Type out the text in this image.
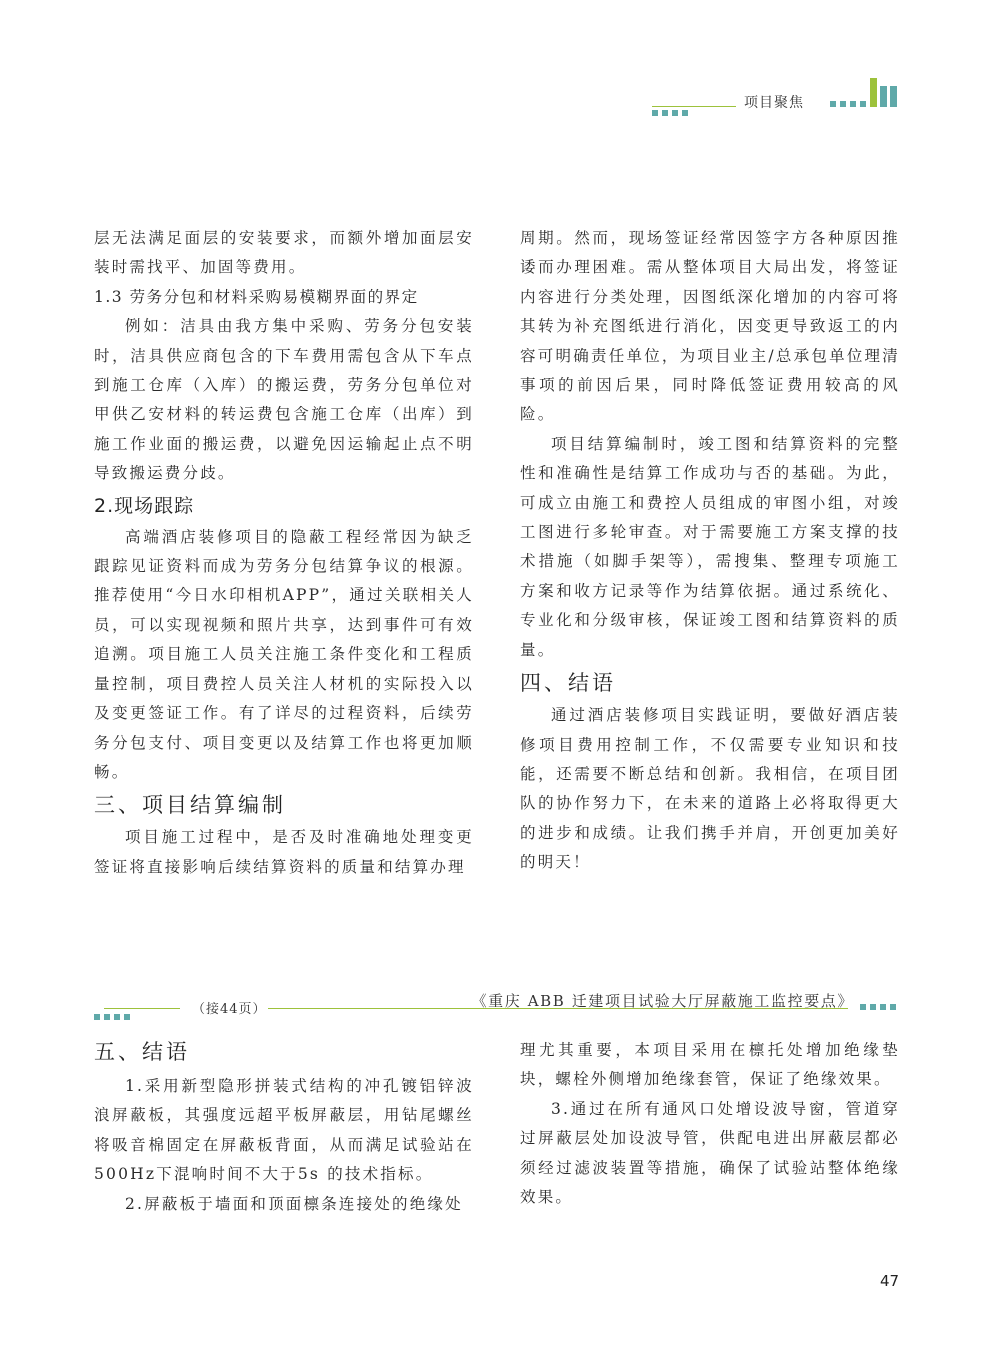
项目聚焦

层无法满足面层的安装要求，而额外增加面层安装时需找平、加固等费用。

1.3 劳务分包和材料采购易模糊界面的界定

例如：洁具由我方集中采购、劳务分包安装时，洁具供应商包含的下车费用需包含从下车点到施工仓库（入库）的搬运费，劳务分包单位对甲供乙安材料的转运费包含施工仓库（出库）到施工作业面的搬运费，以避免因运输起止点不明导致搬运费分歧。

2.现场跟踪

高端酒店装修项目的隐蔽工程经常因为缺乏跟踪见证资料而成为劳务分包结算争议的根源。推荐使用“今日水印相机APP”，通过关联相关人员，可以实现视频和照片共享，达到事件可有效追溯。项目施工人员关注施工条件变化和工程质量控制，项目费控人员关注人材机的实际投入以及变更签证工作。有了详尽的过程资料，后续劳务分包支付、项目变更以及结算工作也将更加顺畅。

三、项目结算编制

项目施工过程中，是否及时准确地处理变更签证将直接影响后续结算资料的质量和结算办理

周期。然而，现场签证经常因签字方各种原因推诿而办理困难。需从整体项目大局出发，将签证内容进行分类处理，因图纸深化增加的内容可将其转为补充图纸进行消化，因变更导致返工的内容可明确责任单位，为项目业主/总承包单位理清事项的前因后果，同时降低签证费用较高的风险。

项目结算编制时，竣工图和结算资料的完整性和准确性是结算工作成功与否的基础。为此，可成立由施工和费控人员组成的审图小组，对竣工图进行多轮审查。对于需要施工方案支撑的技术措施（如脚手架等），需搜集、整理专项施工方案和收方记录等作为结算依据。通过系统化、专业化和分级审核，保证竣工图和结算资料的质量。

四、结语

通过酒店装修项目实践证明，要做好酒店装修项目费用控制工作，不仅需要专业知识和技能，还需要不断总结和创新。我相信，在项目团队的协作努力下，在未来的道路上必将取得更大的进步和成绩。让我们携手并肩，开创更加美好的明天！

（接44页）	《重庆 ABB 迁建项目试验大厅屏蔽施工监控要点》

五、结语

1.采用新型隐形拼装式结构的冲孔镀铝锌波浪屏蔽板，其强度远超平板屏蔽层，用钻尾螺丝将吸音棉固定在屏蔽板背面，从而满足试验站在500Hz下混响时间不大于5s 的技术指标。

2.屏蔽板于墙面和顶面檩条连接处的绝缘处

理尤其重要，本项目采用在檩托处增加绝缘垫块，螺栓外侧增加绝缘套管，保证了绝缘效果。

3.通过在所有通风口处增设波导窗，管道穿过屏蔽层处加设波导管，供配电进出屏蔽层都必须经过滤波装置等措施，确保了试验站整体绝缘效果。

47
